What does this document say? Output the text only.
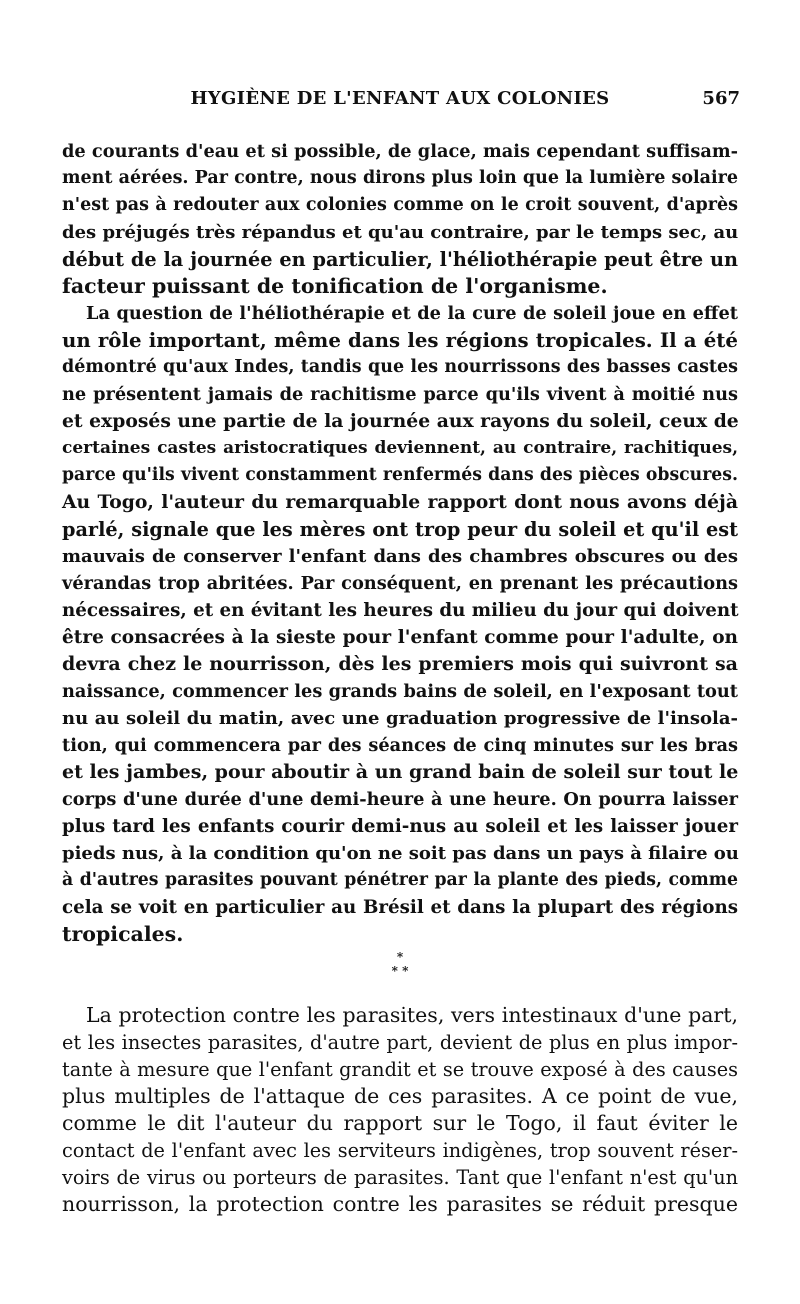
HYGIÈNE DE L'ENFANT AUX COLONIES	567
de courants d'eau et si possible, de glace, mais cependant suffisam-
ment aérées. Par contre, nous dirons plus loin que la lumière solaire
n'est pas à redouter aux colonies comme on le croit souvent, d'après
des préjugés très répandus et qu'au contraire, par le temps sec, au
début de la journée en particulier, l'héliothérapie peut être un
facteur puissant de tonification de l'organisme.
La question de l'héliothérapie et de la cure de soleil joue en effet
un rôle important, même dans les régions tropicales. Il a été
démontré qu'aux Indes, tandis que les nourrissons des basses castes
ne présentent jamais de rachitisme parce qu'ils vivent à moitié nus
et exposés une partie de la journée aux rayons du soleil, ceux de
certaines castes aristocratiques deviennent, au contraire, rachitiques,
parce qu'ils vivent constamment renfermés dans des pièces obscures.
Au Togo, l'auteur du remarquable rapport dont nous avons déjà
parlé, signale que les mères ont trop peur du soleil et qu'il est
mauvais de conserver l'enfant dans des chambres obscures ou des
vérandas trop abritées. Par conséquent, en prenant les précautions
nécessaires, et en évitant les heures du milieu du jour qui doivent
être consacrées à la sieste pour l'enfant comme pour l'adulte, on
devra chez le nourrisson, dès les premiers mois qui suivront sa
naissance, commencer les grands bains de soleil, en l'exposant tout
nu au soleil du matin, avec une graduation progressive de l'insola-
tion, qui commencera par des séances de cinq minutes sur les bras
et les jambes, pour aboutir à un grand bain de soleil sur tout le
corps d'une durée d'une demi-heure à une heure. On pourra laisser
plus tard les enfants courir demi-nus au soleil et les laisser jouer
pieds nus, à la condition qu'on ne soit pas dans un pays à filaire ou
à d'autres parasites pouvant pénétrer par la plante des pieds, comme
cela se voit en particulier au Brésil et dans la plupart des régions
tropicales.
*
* *
La protection contre les parasites, vers intestinaux d'une part,
et les insectes parasites, d'autre part, devient de plus en plus impor-
tante à mesure que l'enfant grandit et se trouve exposé à des causes
plus multiples de l'attaque de ces parasites. A ce point de vue,
comme le dit l'auteur du rapport sur le Togo, il faut éviter le
contact de l'enfant avec les serviteurs indigènes, trop souvent réser-
voirs de virus ou porteurs de parasites. Tant que l'enfant n'est qu'un
nourrisson, la protection contre les parasites se réduit presque
